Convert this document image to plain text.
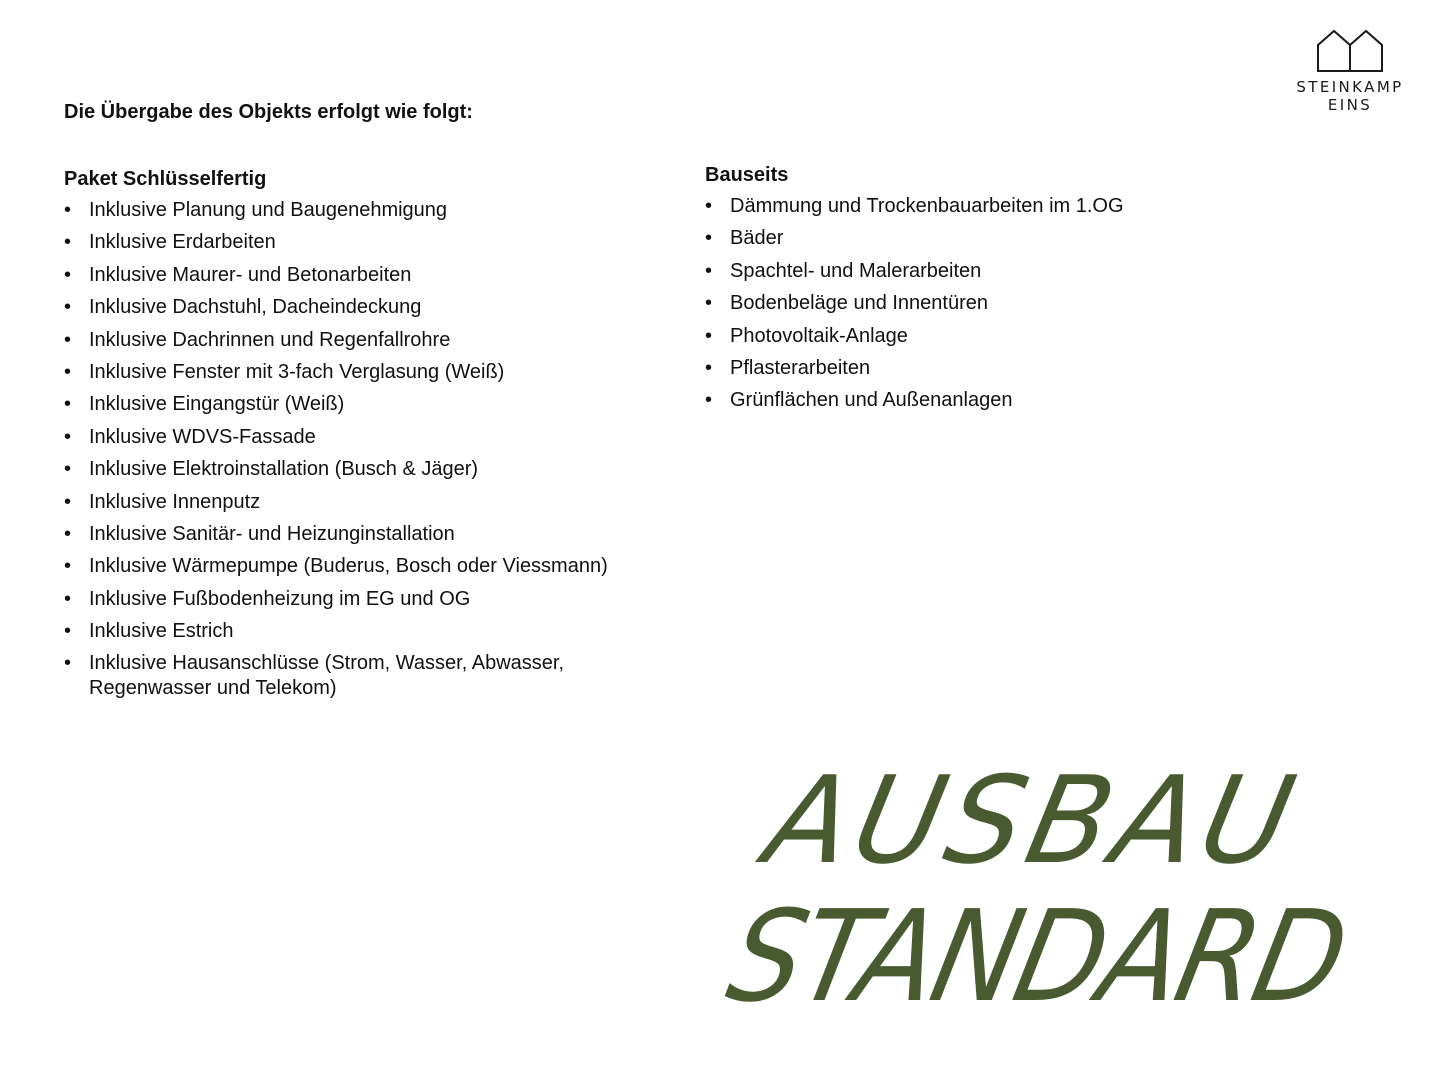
STEINKAMP
EINS
Die Übergabe des Objekts erfolgt wie folgt:
Paket Schlüsselfertig
• Inklusive Planung und Baugenehmigung
• Inklusive Erdarbeiten
• Inklusive Maurer- und Betonarbeiten
• Inklusive Dachstuhl, Dacheindeckung
• Inklusive Dachrinnen und Regenfallrohre
• Inklusive Fenster mit 3-fach Verglasung (Weiß)
• Inklusive Eingangstür (Weiß)
• Inklusive WDVS-Fassade
• Inklusive Elektroinstallation (Busch & Jäger)
• Inklusive Innenputz
• Inklusive Sanitär- und Heizunginstallation
• Inklusive Wärmepumpe (Buderus, Bosch oder Viessmann)
• Inklusive Fußbodenheizung im EG und OG
• Inklusive Estrich
• Inklusive Hausanschlüsse (Strom, Wasser, Abwasser,
Regenwasser und Telekom)
Bauseits
• Dämmung und Trockenbauarbeiten im 1.OG
• Bäder
• Spachtel- und Malerarbeiten
• Bodenbeläge und Innentüren
• Photovoltaik-Anlage
• Pflasterarbeiten
• Grünflächen und Außenanlagen
AUSBAU
STANDARD
